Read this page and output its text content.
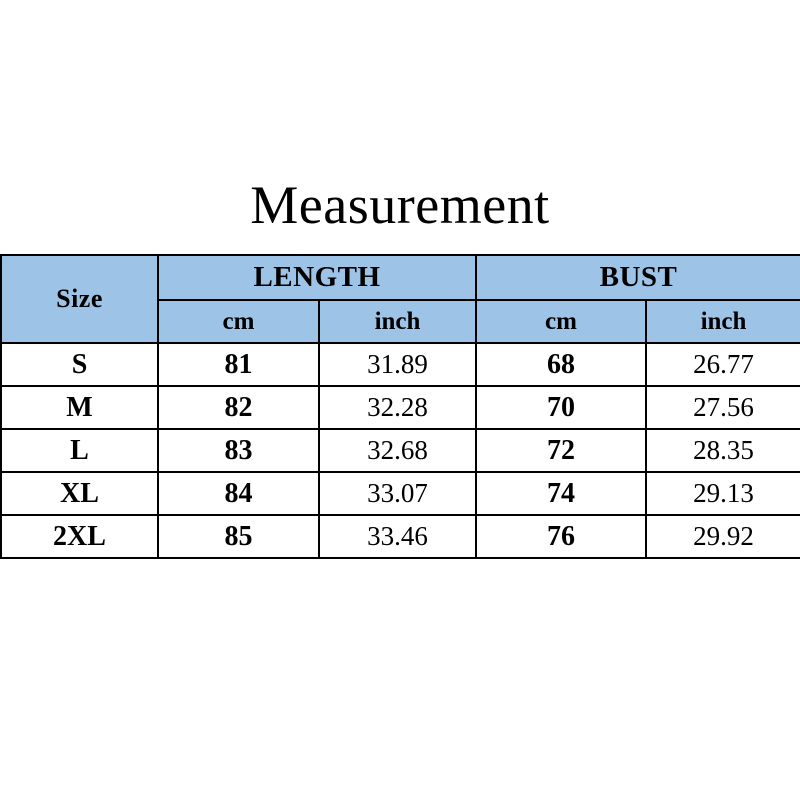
Measurement
Size	LENGTH		BUST	
	cm	inch	cm	inch
S	81	31.89	68	26.77
M	82	32.28	70	27.56
L	83	32.68	72	28.35
XL	84	33.07	74	29.13
2XL	85	33.46	76	29.92
